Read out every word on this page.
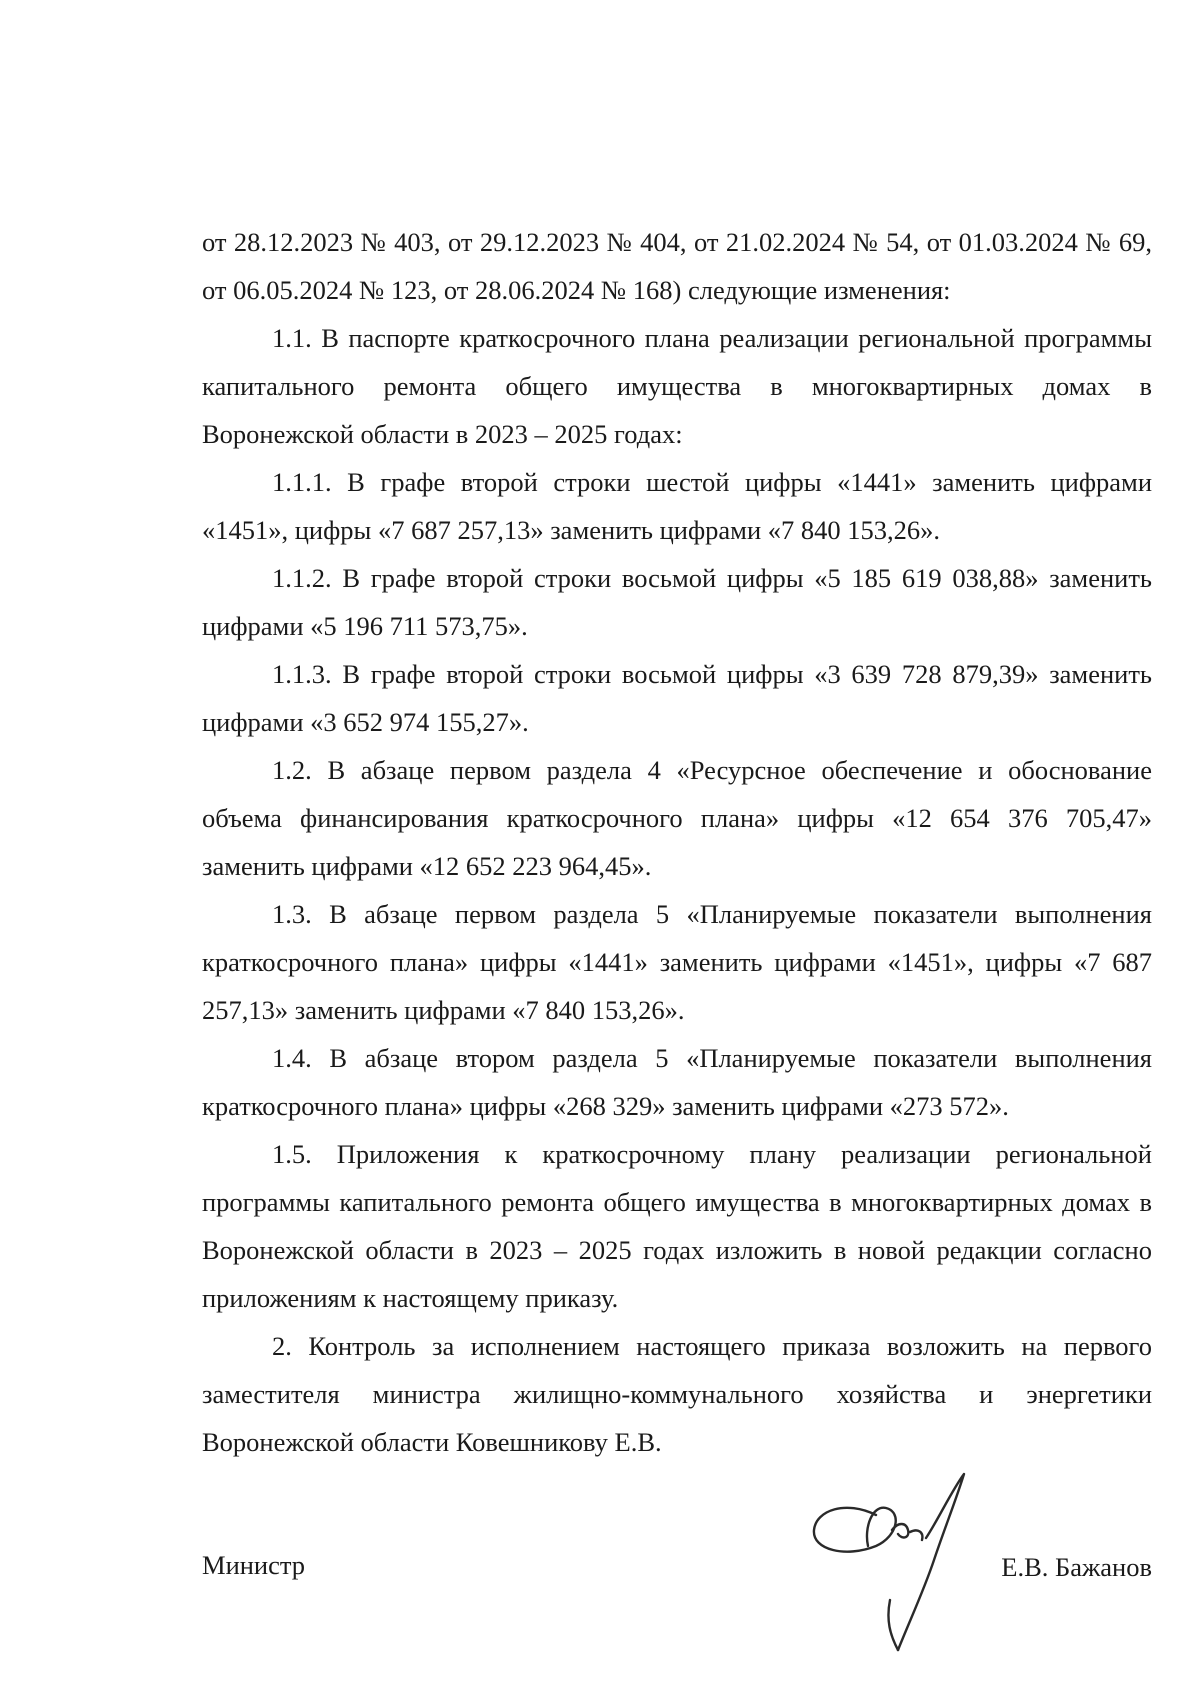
от 28.12.2023 № 403, от 29.12.2023 № 404, от 21.02.2024 № 54, от 01.03.2024 № 69, от 06.05.2024 № 123, от 28.06.2024 № 168) следующие изменения:

1.1. В паспорте краткосрочного плана реализации региональной программы капитального ремонта общего имущества в многоквартирных домах в Воронежской области в 2023 – 2025 годах:

1.1.1. В графе второй строки шестой цифры «1441» заменить цифрами «1451», цифры «7 687 257,13» заменить цифрами «7 840 153,26».

1.1.2. В графе второй строки восьмой цифры «5 185 619 038,88» заменить цифрами «5 196 711 573,75».

1.1.3. В графе второй строки восьмой цифры «3 639 728 879,39» заменить цифрами «3 652 974 155,27».

1.2. В абзаце первом раздела 4 «Ресурсное обеспечение и обоснование объема финансирования краткосрочного плана» цифры «12 654 376 705,47» заменить цифрами «12 652 223 964,45».

1.3. В абзаце первом раздела 5 «Планируемые показатели выполнения краткосрочного плана» цифры «1441» заменить цифрами «1451», цифры «7 687 257,13» заменить цифрами «7 840 153,26».

1.4. В абзаце втором раздела 5 «Планируемые показатели выполнения краткосрочного плана» цифры «268 329» заменить цифрами «273 572».

1.5. Приложения к краткосрочному плану реализации региональной программы капитального ремонта общего имущества в многоквартирных домах в Воронежской области в 2023 – 2025 годах изложить в новой редакции согласно приложениям к настоящему приказу.

2. Контроль за исполнением настоящего приказа возложить на первого заместителя министра жилищно-коммунального хозяйства и энергетики Воронежской области Ковешникову Е.В.

Министр	Е.В. Бажанов
